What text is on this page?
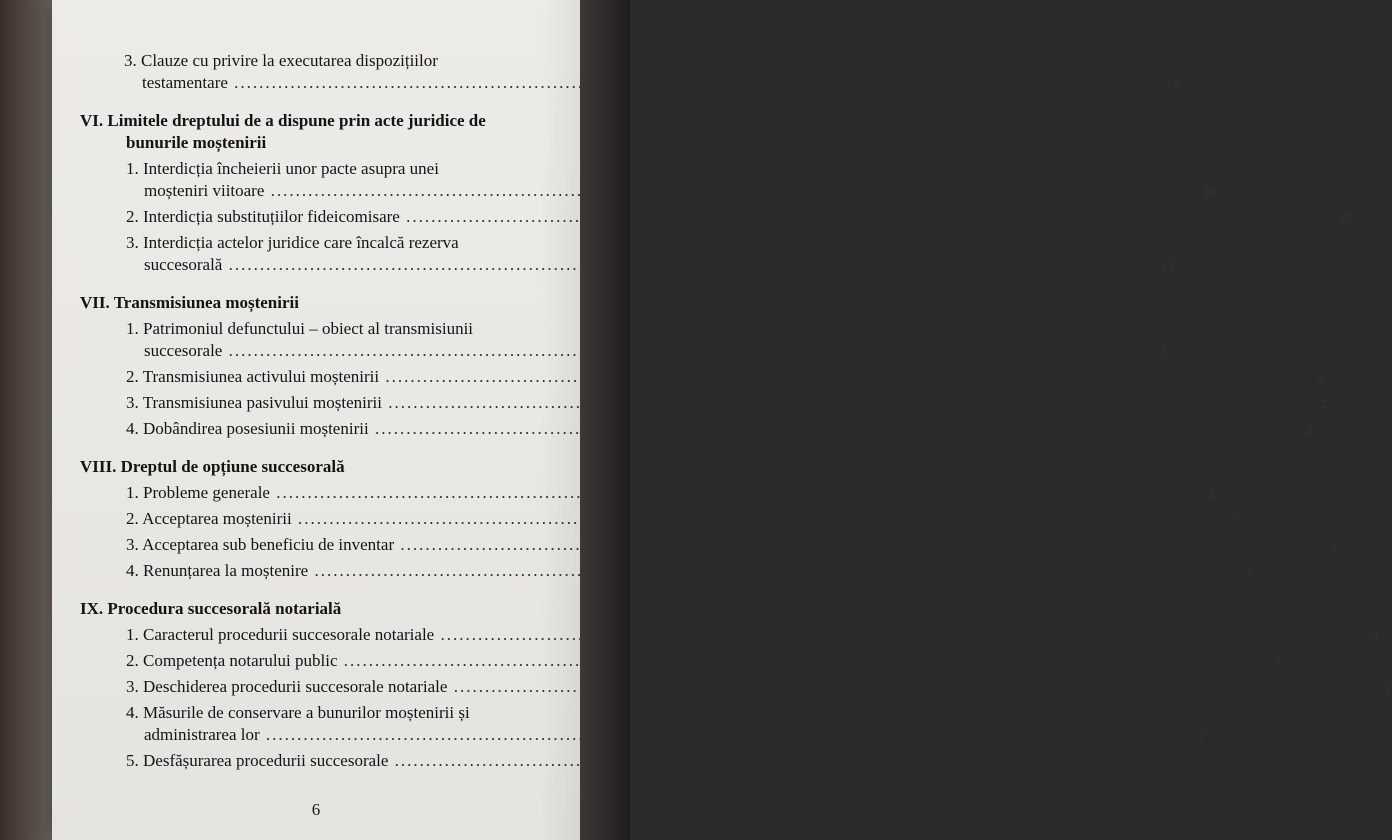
3. Clauze cu privire la executarea dispozițiilor
testamentare .....	18

VI. Limitele dreptului de a dispune prin acte juridice de
bunurile moștenirii

1. Interdicția încheierii unor pacte asupra unei
moșteniri viitoare .....	18
2. Interdicția substituțiilor fideicomisare .....	19
3. Interdicția actelor juridice care încalcă rezerva
succesorală .....	19

VII. Transmisiunea moștenirii

1. Patrimoniul defunctului – obiect al transmisiunii
succesorale .....	2
2. Transmisiunea activului moștenirii .....	2
3. Transmisiunea pasivului moștenirii .....	2
4. Dobândirea posesiunii moștenirii .....	2

VIII. Dreptul de opțiune succesorală

1. Probleme generale .....	2
2. Acceptarea moștenirii .....	2
3. Acceptarea sub beneficiu de inventar .....	2
4. Renunțarea la moștenire .....	2

IX. Procedura succesorală notarială

1. Caracterul procedurii succesorale notariale .....	2
2. Competența notarului public .....	2
3. Deschiderea procedurii succesorale notariale .....	2
4. Măsurile de conservare a bunurilor moștenirii și
administrarea lor .....	2
5. Desfășurarea procedurii succesorale .....
6
